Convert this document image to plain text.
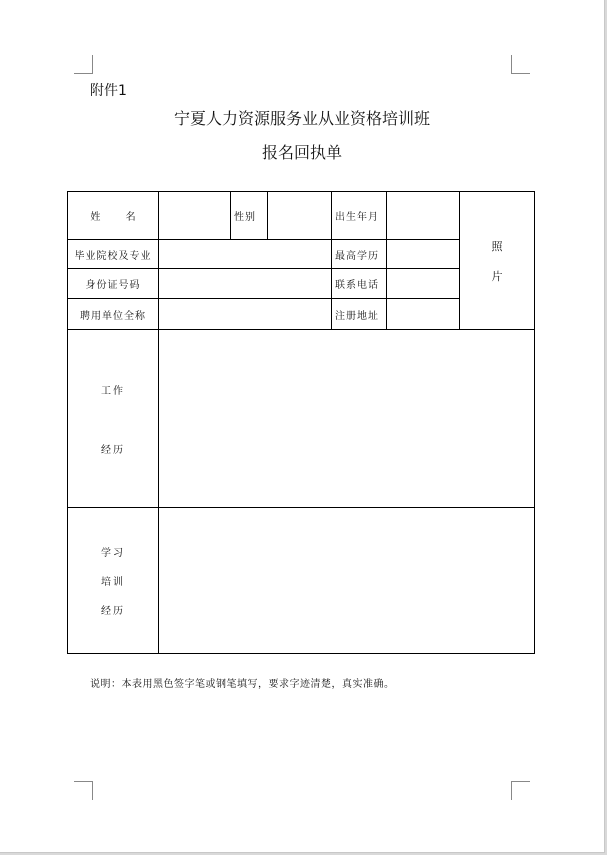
附件1
宁夏人力资源服务业从业资格培训班
报名回执单
姓 名	性别	出生年月
照
片
毕业院校及专业	最高学历
身份证号码	联系电话
聘用单位全称	注册地址
工作
经历
学习
培训
经历
说明：本表用黑色签字笔或钢笔填写，要求字迹清楚，真实准确。
